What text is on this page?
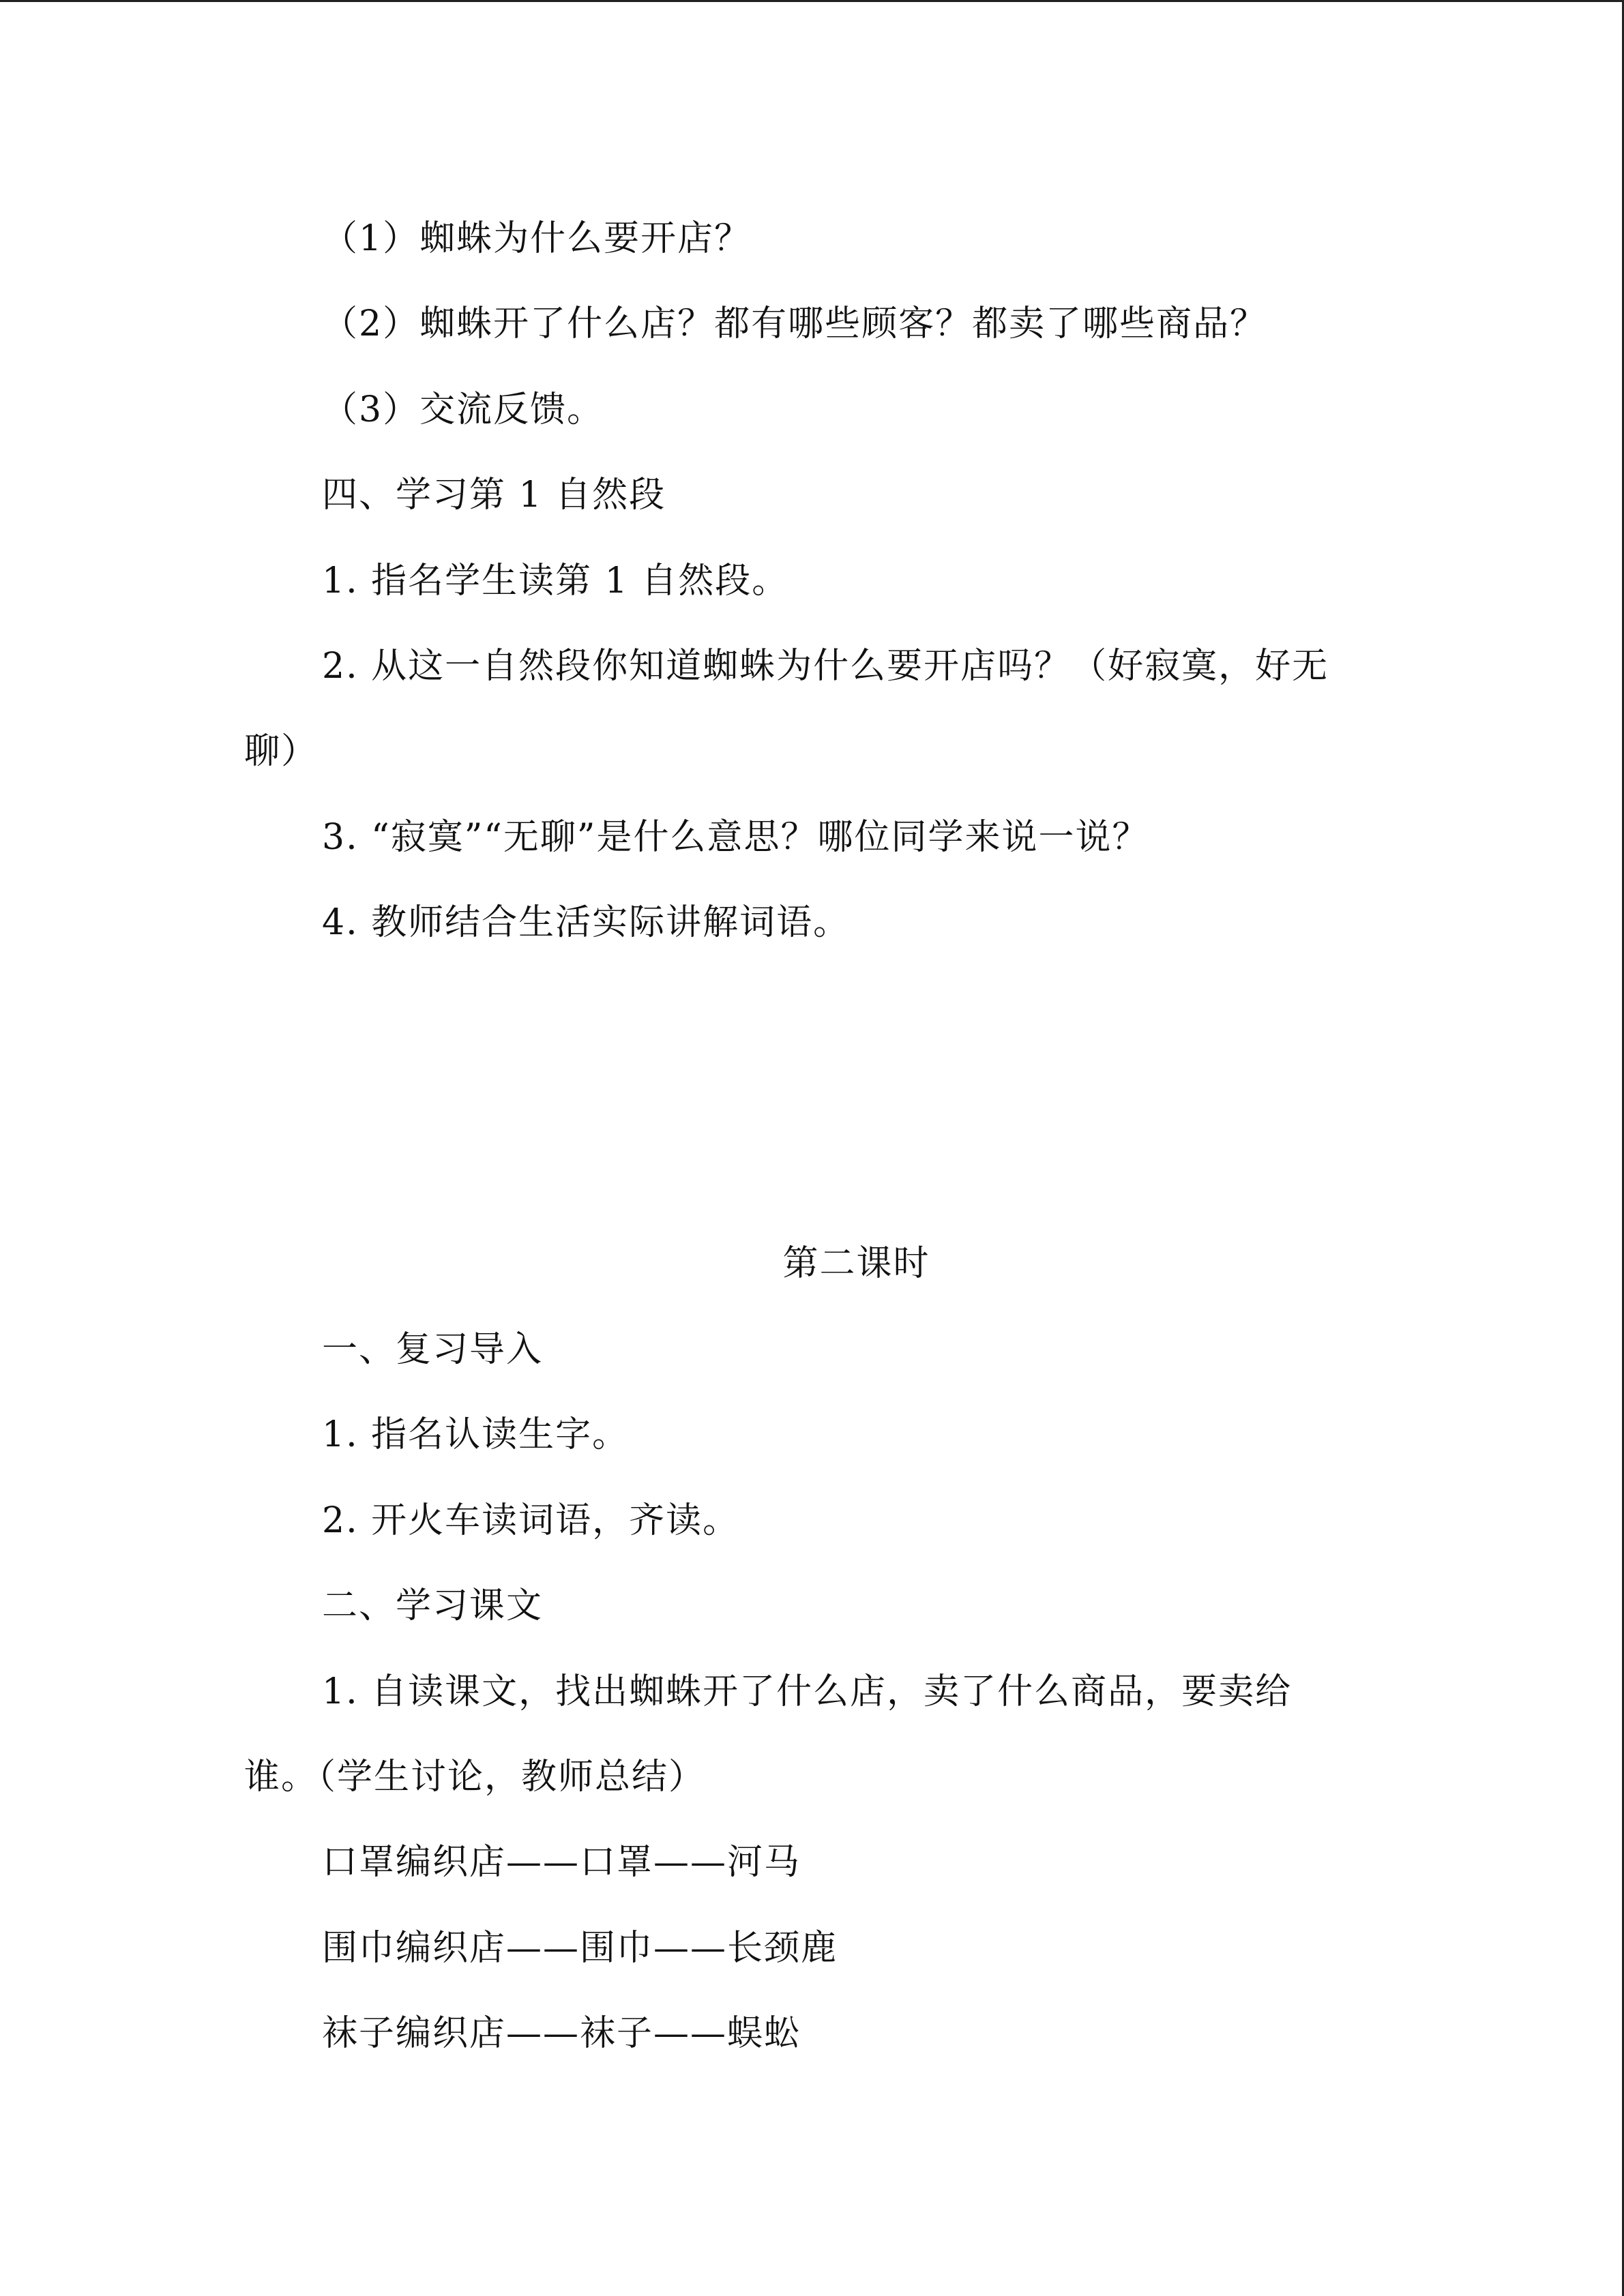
（1）蜘蛛为什么要开店？
（2）蜘蛛开了什么店？都有哪些顾客？都卖了哪些商品？
（3）交流反馈。
四、学习第 1 自然段
1. 指名学生读第 1 自然段。
2. 从这一自然段你知道蜘蛛为什么要开店吗？（好寂寞，好无
聊）
3. “寂寞”“无聊”是什么意思？哪位同学来说一说？
4. 教师结合生活实际讲解词语。
第二课时
一、复习导入
1. 指名认读生字。
2. 开火车读词语，齐读。
二、学习课文
1. 自读课文，找出蜘蛛开了什么店，卖了什么商品，要卖给
谁。（学生讨论，教师总结）
口罩编织店——口罩——河马
围巾编织店——围巾——长颈鹿
袜子编织店——袜子——蜈蚣
